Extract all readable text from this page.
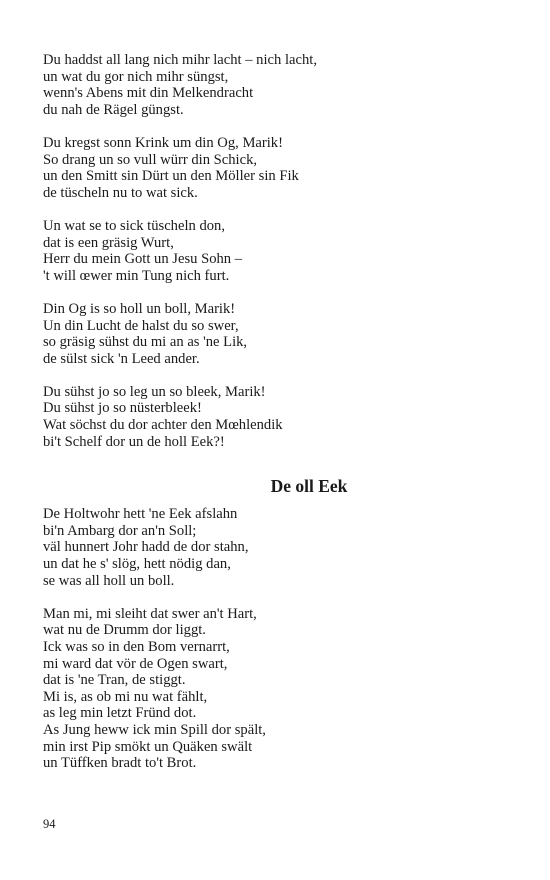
Du haddst all lang nich mihr lacht – nich lacht,
un wat du gor nich mihr süngst,
wenn's Abens mit din Melkendracht
du nah de Rägel güngst.
Du kregst sonn Krink um din Og, Marik!
So drang un so vull würr din Schick,
un den Smitt sin Dürt un den Möller sin Fik
de tüscheln nu to wat sick.
Un wat se to sick tüscheln don,
dat is een gräsig Wurt,
Herr du mein Gott un Jesu Sohn –
't will œwer min Tung nich furt.
Din Og is so holl un boll, Marik!
Un din Lucht de halst du so swer,
so gräsig sühst du mi an as 'ne Lik,
de sülst sick 'n Leed ander.
Du sühst jo so leg un so bleek, Marik!
Du sühst jo so nüsterbleek!
Wat söchst du dor achter den Mœhlendik
bi't Schelf dor un de holl Eek?!
De oll Eek
De Holtwohr hett 'ne Eek afslahn
bi'n Ambarg dor an'n Soll;
väl hunnert Johr hadd de dor stahn,
un dat he s' slög, hett nödig dan,
se was all holl un boll.
Man mi, mi sleiht dat swer an't Hart,
wat nu de Drumm dor liggt.
Ick was so in den Bom vernarrt,
mi ward dat vör de Ogen swart,
dat is 'ne Tran, de stiggt.
Mi is, as ob mi nu wat fählt,
as leg min letzt Fründ dot.
As Jung heww ick min Spill dor spält,
min irst Pip smökt un Quäken swält
un Tüffken bradt to't Brot.
94
